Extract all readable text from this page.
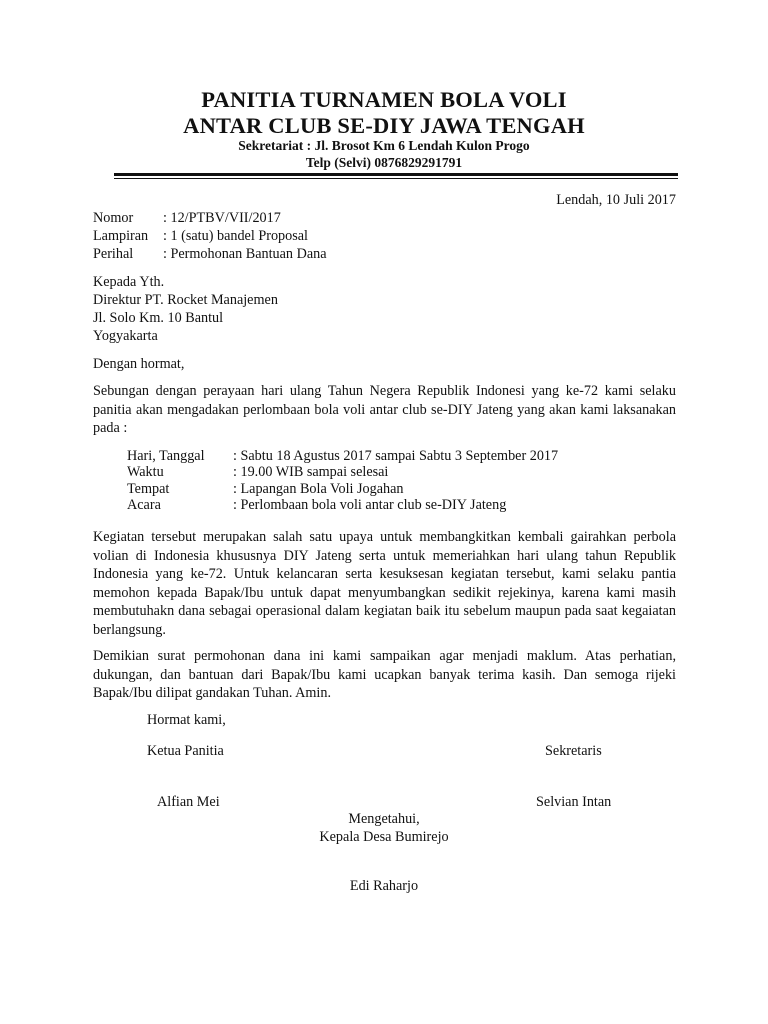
PANITIA TURNAMEN BOLA VOLI
ANTAR CLUB SE-DIY JAWA TENGAH
Sekretariat : Jl. Brosot Km 6 Lendah Kulon Progo
Telp (Selvi) 0876829291791
Lendah, 10 Juli 2017
Nomor : 12/PTBV/VII/2017
Lampiran : 1 (satu) bandel Proposal
Perihal : Permohonan Bantuan Dana
Kepada Yth.
Direktur PT. Rocket Manajemen
Jl. Solo Km. 10 Bantul
Yogyakarta
Dengan hormat,
Sebungan dengan perayaan hari ulang Tahun Negera Republik Indonesi yang ke-72 kami selaku panitia akan mengadakan perlombaan bola voli antar club se-DIY Jateng yang akan kami laksanakan pada :
Hari, Tanggal : Sabtu 18 Agustus 2017 sampai Sabtu 3 September 2017
Waktu	: 19.00 WIB sampai selesai
Tempat	: Lapangan Bola Voli Jogahan
Acara	: Perlombaan bola voli antar club se-DIY Jateng
Kegiatan tersebut merupakan salah satu upaya untuk membangkitkan kembali gairahkan perbola volian di Indonesia khususnya DIY Jateng serta untuk memeriahkan hari ulang tahun Republik Indonesia yang ke-72. Untuk kelancaran serta kesuksesan kegiatan tersebut, kami selaku pantia memohon kepada Bapak/Ibu untuk dapat menyumbangkan sedikit rejekinya, karena kami masih membutuhakn dana sebagai operasional dalam kegiatan baik itu sebelum maupun pada saat kegaiatan berlangsung.
Demikian surat permohonan dana ini kami sampaikan agar menjadi maklum. Atas perhatian, dukungan, dan bantuan dari Bapak/Ibu kami ucapkan banyak terima kasih. Dan semoga rijeki Bapak/Ibu dilipat gandakan Tuhan. Amin.
Hormat kami,
Ketua Panitia	Sekretaris
Alfian Mei	Selvian Intan
Mengetahui,
Kepala Desa Bumirejo
Edi Raharjo
